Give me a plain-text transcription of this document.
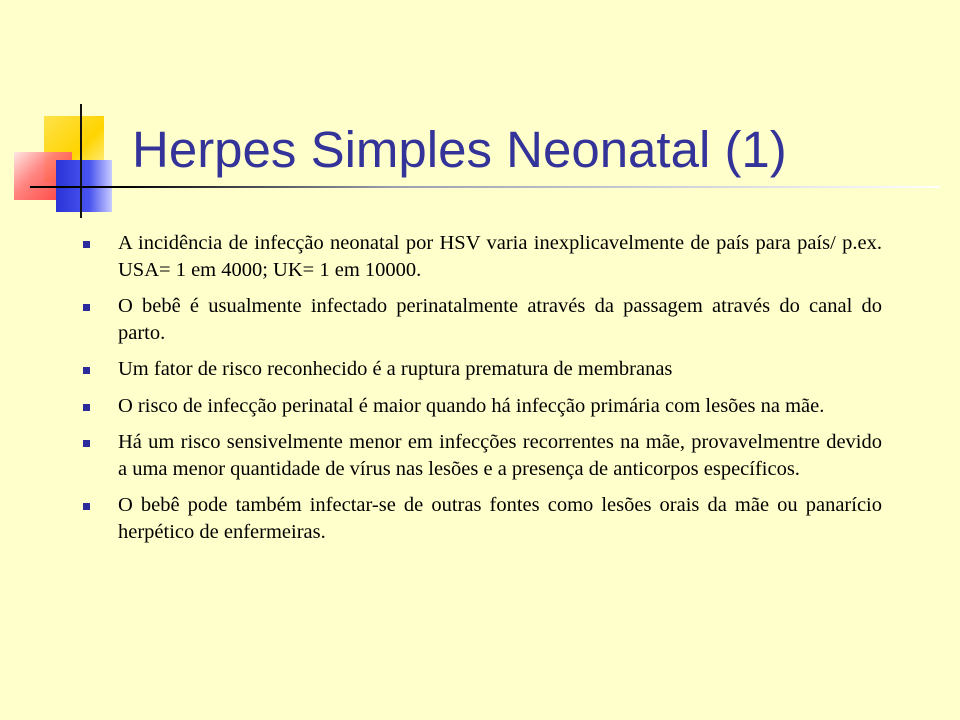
Herpes Simples Neonatal (1)
A incidência de infecção neonatal por HSV varia inexplicavelmente de país para país/ p.ex. USA= 1 em 4000; UK= 1 em 10000.
O bebê é usualmente infectado perinatalmente através da passagem através do canal do parto.
Um fator de risco reconhecido é a ruptura prematura de membranas
O risco de infecção perinatal é maior quando há infecção primária com lesões na mãe.
Há um risco sensivelmente menor em infecções recorrentes na mãe, provavelmentre devido a uma menor quantidade de vírus nas lesões e a presença de anticorpos específicos.
O bebê pode também infectar-se de outras fontes como lesões orais da mãe ou panarício herpético de enfermeiras.
